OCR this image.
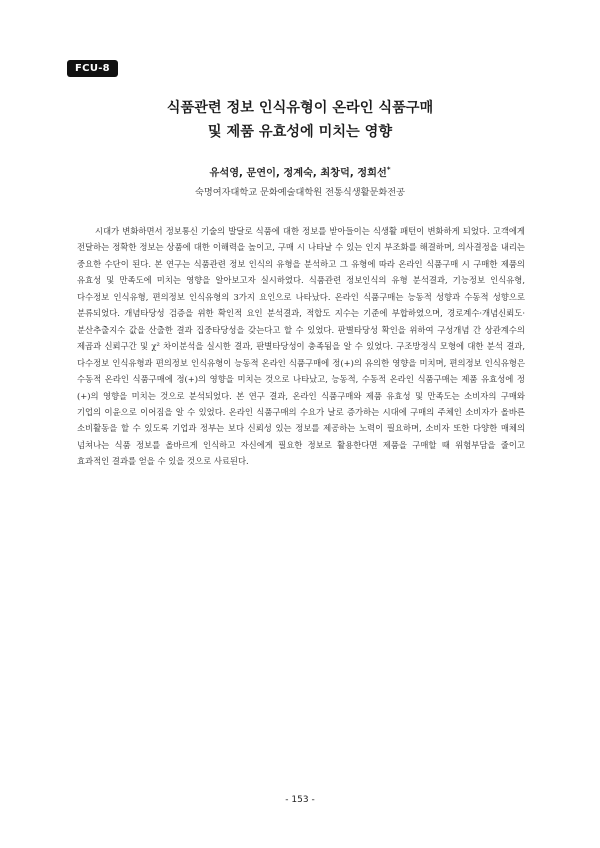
FCU-8
식품관련 정보 인식유형이 온라인 식품구매
및 제품 유효성에 미치는 영향
유석영, 문연이, 정계숙, 최창덕, 정희선*
숙명여자대학교 문화예술대학원 전통식생활문화전공

시대가 변화하면서 정보통신 기술의 발달로 식품에 대한 정보를 받아들이는 식생활 패턴이 변화하게 되었다. 고객에게 전달하는 정확한 정보는 상품에 대한 이해력을 높이고, 구매 시 나타날 수 있는 인지 부조화를 해결하며, 의사결정을 내리는 중요한 수단이 된다. 본 연구는 식품관련 정보 인식의 유형을 분석하고 그 유형에 따라 온라인 식품구매 시 구매한 제품의 유효성 및 만족도에 미치는 영향을 알아보고자 실시하였다. 식품관련 정보인식의 유형 분석결과, 기능정보 인식유형, 다수정보 인식유형, 편의정보 인식유형의 3가지 요인으로 나타났다. 온라인 식품구매는 능동적 성향과 수동적 성향으로 분류되었다. 개념타당성 검증을 위한 확인적 요인 분석결과, 적합도 지수는 기준에 부합하였으며, 경로계수·개념신뢰도·분산추출지수 값을 산출한 결과 집중타당성을 갖는다고 할 수 있었다. 판별타당성 확인을 위하여 구성개념 간 상관계수의 제곱과 신뢰구간 및 χ² 차이분석을 실시한 결과, 판별타당성이 충족됨을 알 수 있었다. 구조방정식 모형에 대한 분석 결과, 다수정보 인식유형과 편의정보 인식유형이 능동적 온라인 식품구매에 정(+)의 유의한 영향을 미치며, 편의정보 인식유형은 수동적 온라인 식품구매에 정(+)의 영향을 미치는 것으로 나타났고, 능동적, 수동적 온라인 식품구매는 제품 유효성에 정(+)의 영향을 미치는 것으로 분석되었다. 본 연구 결과, 온라인 식품구매와 제품 유효성 및 만족도는 소비자의 구매와 기업의 이윤으로 이어짐을 알 수 있었다. 온라인 식품구매의 수요가 날로 증가하는 시대에 구매의 주체인 소비자가 올바른 소비활동을 할 수 있도록 기업과 정부는 보다 신뢰성 있는 정보를 제공하는 노력이 필요하며, 소비자 또한 다양한 매체의 넘쳐나는 식품 정보를 올바르게 인식하고 자신에게 필요한 정보로 활용한다면 제품을 구매할 때 위험부담을 줄이고 효과적인 결과를 얻을 수 있을 것으로 사료된다.

- 153 -
